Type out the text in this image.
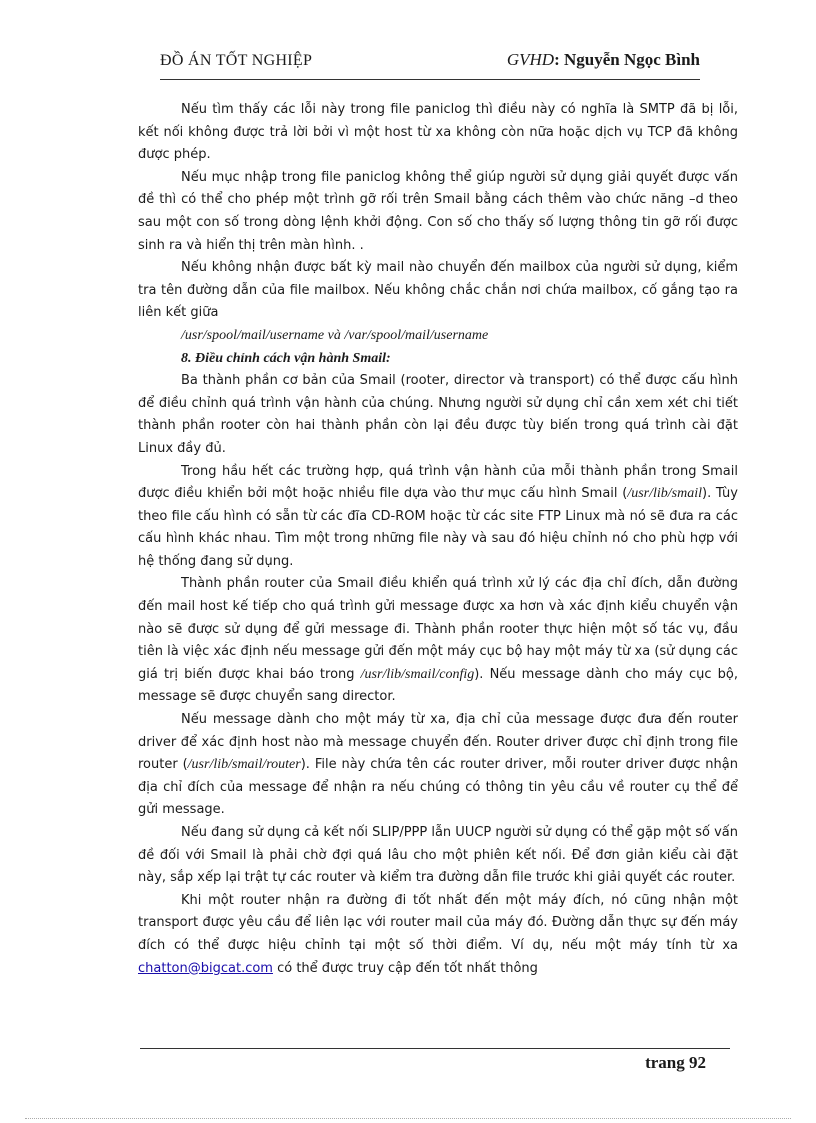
ĐỒ ÁN TỐT NGHIỆP	GVHD: Nguyễn Ngọc Bình

Nếu tìm thấy các lỗi này trong file paniclog thì điều này có nghĩa là SMTP đã bị lỗi, kết nối không được trả lời bởi vì một host từ xa không còn nữa hoặc dịch vụ TCP đã không được phép.

Nếu mục nhập trong file paniclog không thể giúp người sử dụng giải quyết được vấn đề thì có thể cho phép một trình gỡ rối trên Smail bằng cách thêm vào chức năng –d theo sau một con số trong dòng lệnh khởi động. Con số cho thấy số lượng thông tin gỡ rối được sinh ra và hiển thị trên màn hình. .

Nếu không nhận được bất kỳ mail nào chuyển đến mailbox của người sử dụng, kiểm tra tên đường dẫn của file mailbox. Nếu không chắc chắn nơi chứa mailbox, cố gắng tạo ra liên kết giữa

/usr/spool/mail/username và /var/spool/mail/username

8. Điều chỉnh cách vận hành Smail:

Ba thành phần cơ bản của Smail (rooter, director và transport) có thể được cấu hình để điều chỉnh quá trình vận hành của chúng. Nhưng người sử dụng chỉ cần xem xét chi tiết thành phần rooter còn hai thành phần còn lại đều được tùy biến trong quá trình cài đặt Linux đầy đủ.

Trong hầu hết các trường hợp, quá trình vận hành của mỗi thành phần trong Smail được điều khiển bởi một hoặc nhiều file dựa vào thư mục cấu hình Smail (/usr/lib/smail). Tùy theo file cấu hình có sẵn từ các đĩa CD-ROM hoặc từ các site FTP Linux mà nó sẽ đưa ra các cấu hình khác nhau. Tìm một trong những file này và sau đó hiệu chỉnh nó cho phù hợp với hệ thống đang sử dụng.

Thành phần router của Smail điều khiển quá trình xử lý các địa chỉ đích, dẫn đường đến mail host kế tiếp cho quá trình gửi message được xa hơn và xác định kiểu chuyển vận nào sẽ được sử dụng để gửi message đi. Thành phần rooter thực hiện một số tác vụ, đầu tiên là việc xác định nếu message gửi đến một máy cục bộ hay một máy từ xa (sử dụng các giá trị biến được khai báo trong /usr/lib/smail/config). Nếu message dành cho máy cục bộ, message sẽ được chuyển sang director.

Nếu message dành cho một máy từ xa, địa chỉ của message được đưa đến router driver để xác định host nào mà message chuyển đến. Router driver được chỉ định trong file router (/usr/lib/smail/router). File này chứa tên các router driver, mỗi router driver được nhận địa chỉ đích của message để nhận ra nếu chúng có thông tin yêu cầu về router cụ thể để gửi message.

Nếu đang sử dụng cả kết nối SLIP/PPP lẫn UUCP người sử dụng có thể gặp một số vấn đề đối với Smail là phải chờ đợi quá lâu cho một phiên kết nối. Để đơn giản kiểu cài đặt này, sắp xếp lại trật tự các router và kiểm tra đường dẫn file trước khi giải quyết các router.

Khi một router nhận ra đường đi tốt nhất đến một máy đích, nó cũng nhận một transport được yêu cầu để liên lạc với router mail của máy đó. Đường dẫn thực sự đến máy đích có thể được hiệu chỉnh tại một số thời điểm. Ví dụ, nếu một máy tính từ xa chatton@bigcat.com có thể được truy cập đến tốt nhất thông

trang 92
